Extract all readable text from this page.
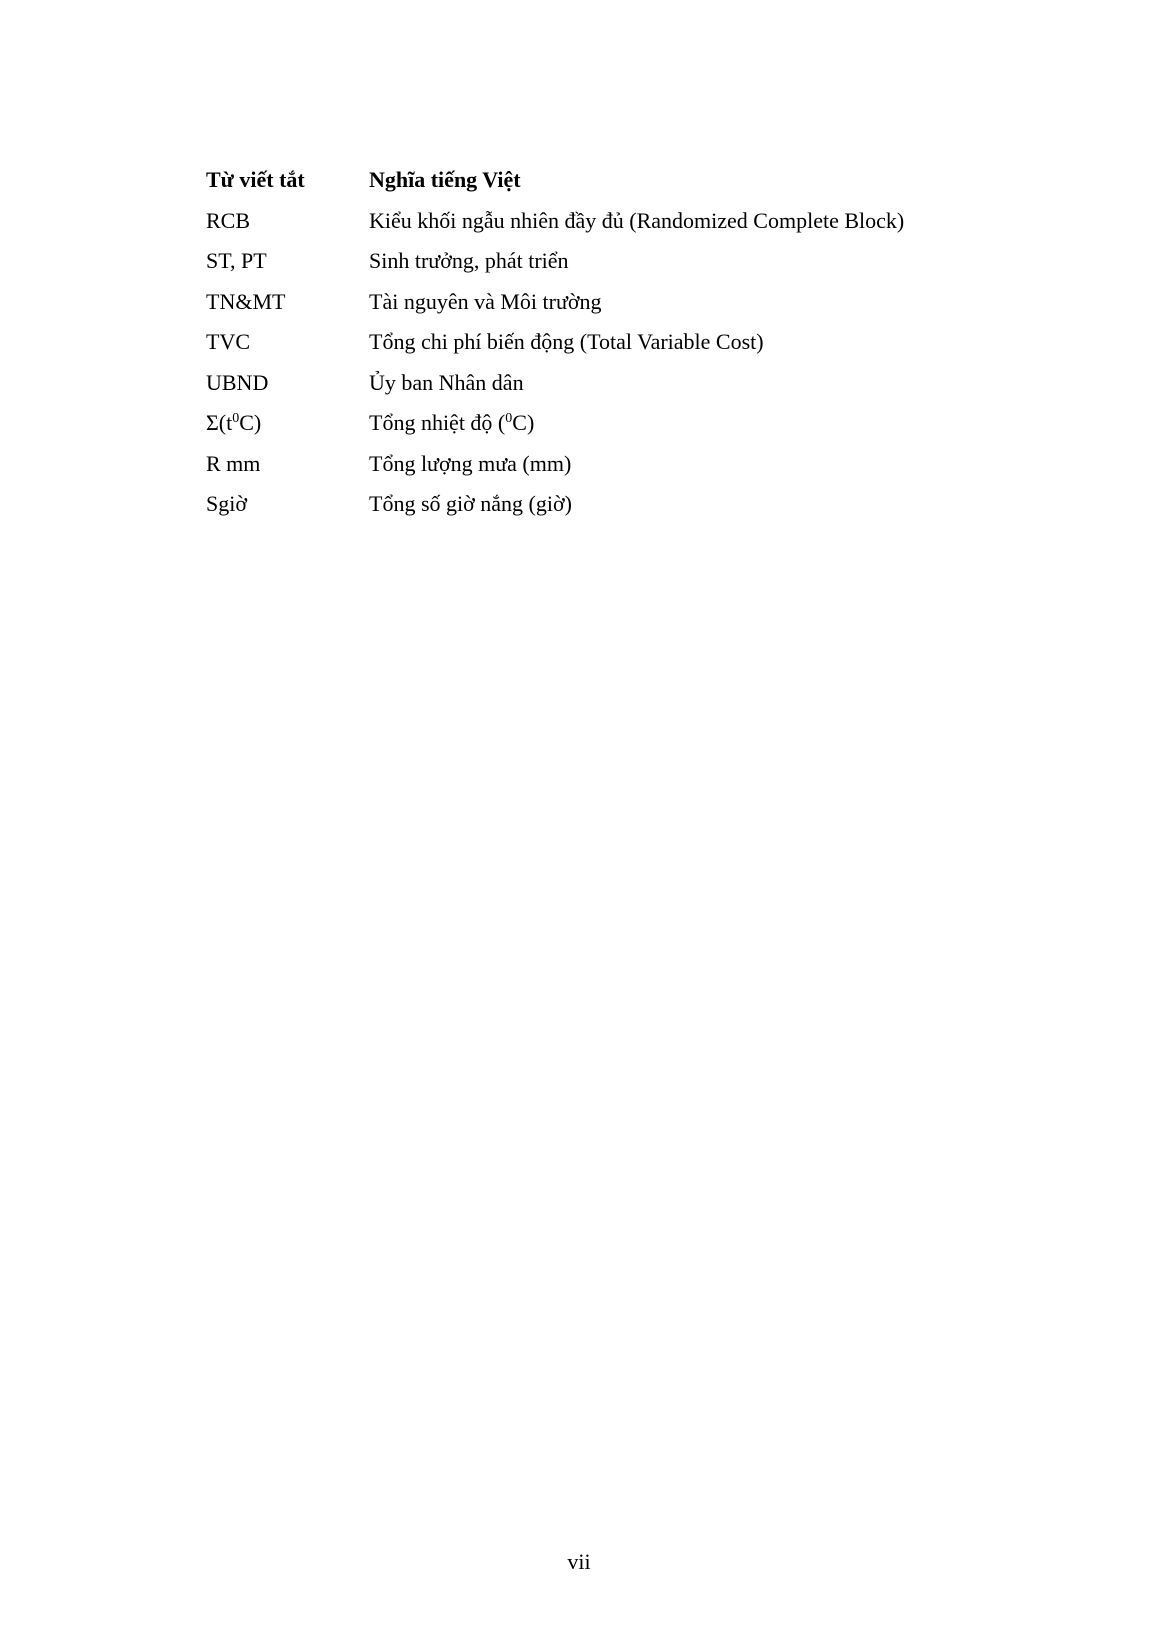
Từ viết tắt	Nghĩa tiếng Việt
RCB	Kiểu khối ngẫu nhiên đầy đủ (Randomized Complete Block)
ST, PT	Sinh trưởng, phát triển
TN&MT	Tài nguyên và Môi trường
TVC	Tổng chi phí biến động (Total Variable Cost)
UBND	Ủy ban Nhân dân
$\Sigma(t^0C)$	Tổng nhiệt độ ($^0$C)
R mm	Tổng lượng mưa (mm)
Sgiờ	Tổng số giờ nắng (giờ)
vii
